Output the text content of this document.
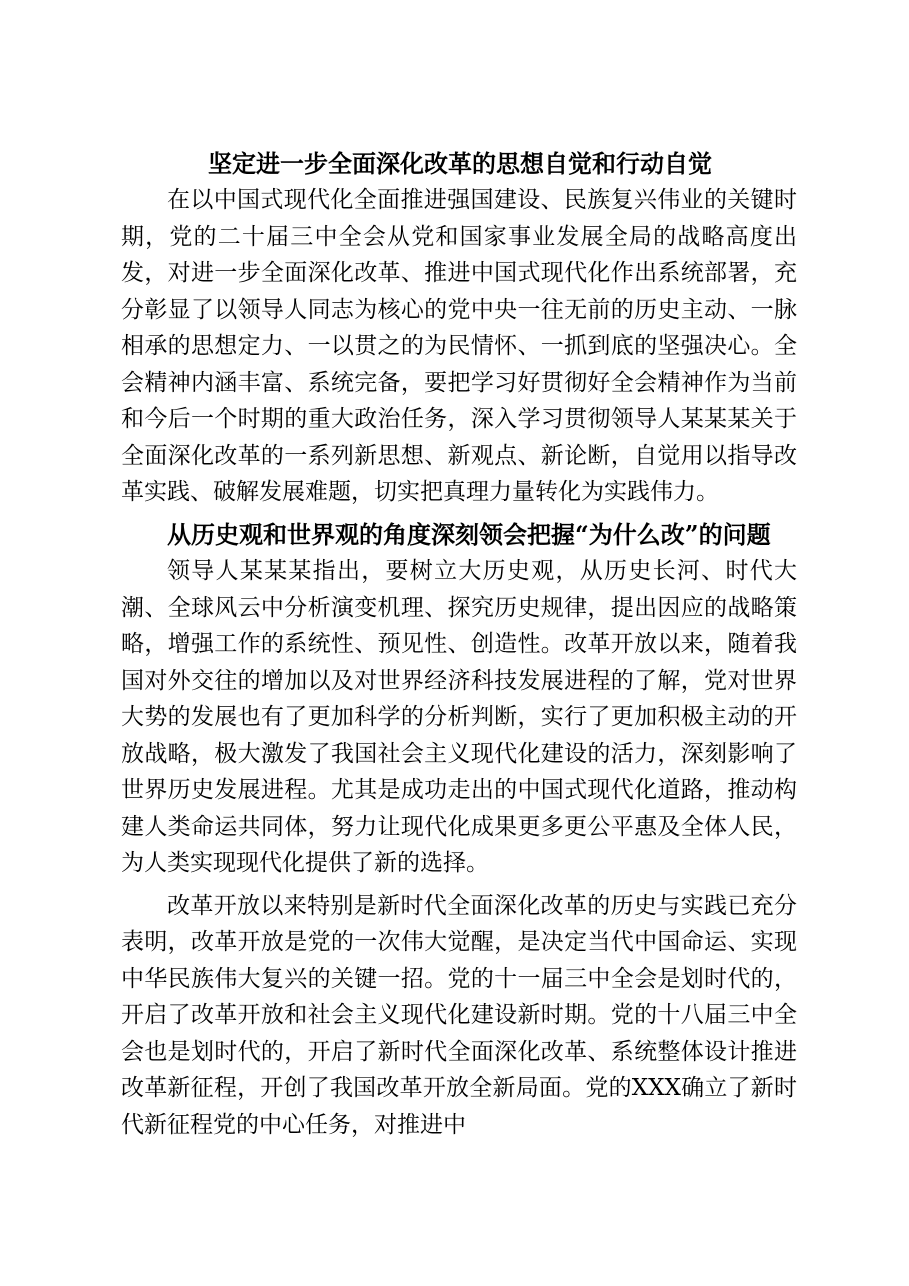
坚定进一步全面深化改革的思想自觉和行动自觉

在以中国式现代化全面推进强国建设、民族复兴伟业的关键时期，党的二十届三中全会从党和国家事业发展全局的战略高度出发，对进一步全面深化改革、推进中国式现代化作出系统部署，充分彰显了以领导人同志为核心的党中央一往无前的历史主动、一脉相承的思想定力、一以贯之的为民情怀、一抓到底的坚强决心。全会精神内涵丰富、系统完备，要把学习好贯彻好全会精神作为当前和今后一个时期的重大政治任务，深入学习贯彻领导人某某某关于全面深化改革的一系列新思想、新观点、新论断，自觉用以指导改革实践、破解发展难题，切实把真理力量转化为实践伟力。

从历史观和世界观的角度深刻领会把握“为什么改”的问题

领导人某某某指出，要树立大历史观，从历史长河、时代大潮、全球风云中分析演变机理、探究历史规律，提出因应的战略策略，增强工作的系统性、预见性、创造性。改革开放以来，随着我国对外交往的增加以及对世界经济科技发展进程的了解，党对世界大势的发展也有了更加科学的分析判断，实行了更加积极主动的开放战略，极大激发了我国社会主义现代化建设的活力，深刻影响了世界历史发展进程。尤其是成功走出的中国式现代化道路，推动构建人类命运共同体，努力让现代化成果更多更公平惠及全体人民，为人类实现现代化提供了新的选择。

改革开放以来特别是新时代全面深化改革的历史与实践已充分表明，改革开放是党的一次伟大觉醒，是决定当代中国命运、实现中华民族伟大复兴的关键一招。党的十一届三中全会是划时代的，开启了改革开放和社会主义现代化建设新时期。党的十八届三中全会也是划时代的，开启了新时代全面深化改革、系统整体设计推进改革新征程，开创了我国改革开放全新局面。党的XXX确立了新时代新征程党的中心任务，对推进中
